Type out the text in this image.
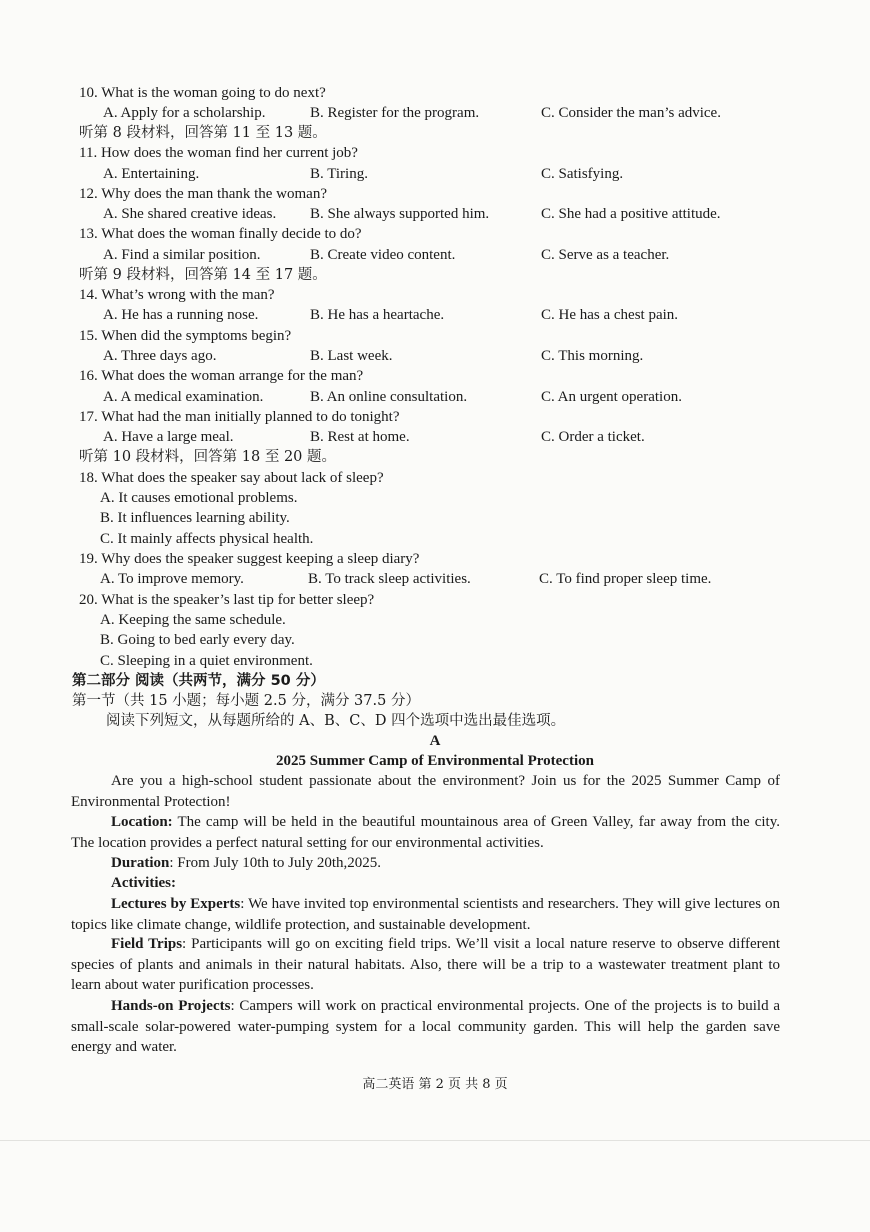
10. What is the woman going to do next?
A. Apply for a scholarship.	B. Register for the program.	C. Consider the man’s advice.
听第 8 段材料，回答第 11 至 13 题。
11. How does the woman find her current job?
A. Entertaining.	B. Tiring.	C. Satisfying.
12. Why does the man thank the woman?
A. She shared creative ideas. B. She always supported him.	C. She had a positive attitude.
13. What does the woman finally decide to do?
A. Find a similar position.	B. Create video content.	C. Serve as a teacher.
听第 9 段材料，回答第 14 至 17 题。
14. What’s wrong with the man?
A. He has a running nose.	B. He has a heartache.	C. He has a chest pain.
15. When did the symptoms begin?
A. Three days ago.	B. Last week.	C. This morning.
16. What does the woman arrange for the man?
A. A medical examination.	B. An online consultation.	C. An urgent operation.
17. What had the man initially planned to do tonight?
A. Have a large meal.	B. Rest at home.	C. Order a ticket.
听第 10 段材料，回答第 18 至 20 题。
18. What does the speaker say about lack of sleep?
A. It causes emotional problems.
B. It influences learning ability.
C. It mainly affects physical health.
19. Why does the speaker suggest keeping a sleep diary?
A. To improve memory.	B. To track sleep activities.	C. To find proper sleep time.
20. What is the speaker’s last tip for better sleep?
A. Keeping the same schedule.
B. Going to bed early every day.
C. Sleeping in a quiet environment.
第二部分 阅读（共两节，满分 50 分）
第一节（共 15 小题；每小题 2.5 分，满分 37.5 分）
阅读下列短文，从每题所给的 A、B、C、D 四个选项中选出最佳选项。
A
2025 Summer Camp of Environmental Protection
Are you a high-school student passionate about the environment? Join us for the 2025 Summer Camp of Environmental Protection!
Location: The camp will be held in the beautiful mountainous area of Green Valley, far away from the city. The location provides a perfect natural setting for our environmental activities.
Duration: From July 10th to July 20th,2025.
Activities:
Lectures by Experts: We have invited top environmental scientists and researchers. They will give lectures on topics like climate change, wildlife protection, and sustainable development.
Field Trips: Participants will go on exciting field trips. We’ll visit a local nature reserve to observe different species of plants and animals in their natural habitats. Also, there will be a trip to a wastewater treatment plant to learn about water purification processes.
Hands-on Projects: Campers will work on practical environmental projects. One of the projects is to build a small-scale solar-powered water-pumping system for a local community garden. This will help the garden save energy and water.
高二英语 第 2 页 共 8 页
